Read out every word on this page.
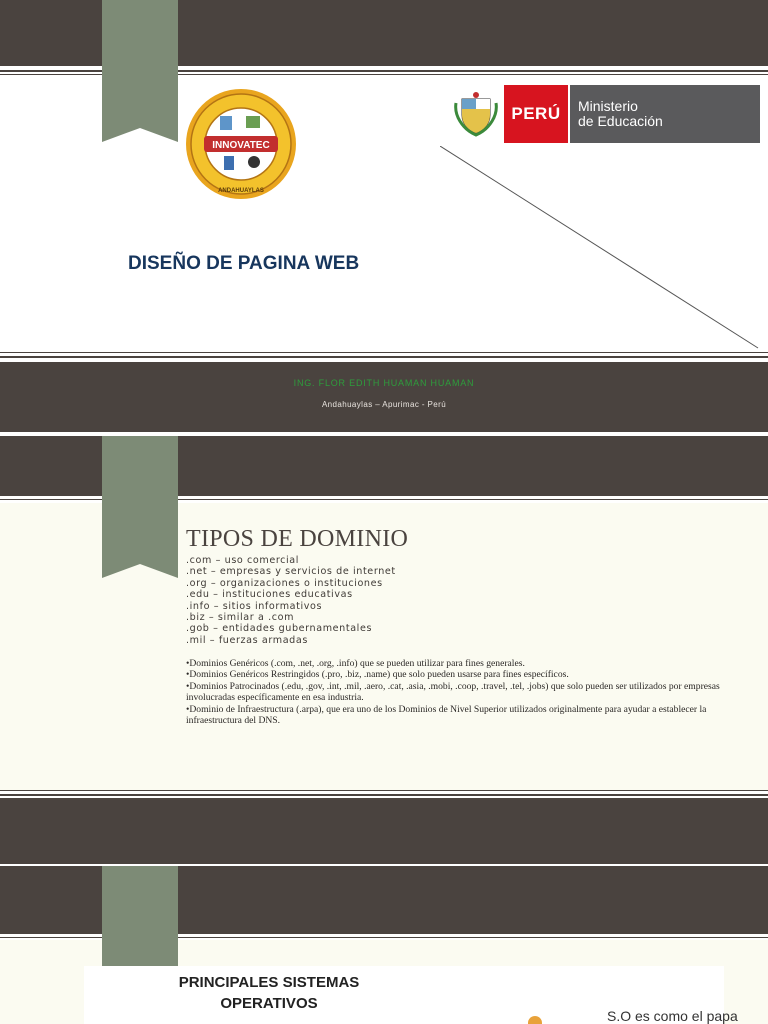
INNOVATEC
ANDAHUAYLAS
PERÚ	Ministerio
de Educación
DISEÑO DE PAGINA WEB
ING. FLOR EDITH HUAMAN HUAMAN
Andahuaylas – Apurimac - Perú
TIPOS DE DOMINIO
.com – uso comercial
.net – empresas y servicios de internet
.org – organizaciones o instituciones
.edu – instituciones educativas
.info – sitios informativos
.biz – similar a .com
.gob – entidades gubernamentales
.mil – fuerzas armadas
•Dominios Genéricos (.com, .net, .org, .info) que se pueden utilizar para fines generales.
•Dominios Genéricos Restringidos (.pro, .biz, .name) que solo pueden usarse para fines específicos.
•Dominios Patrocinados (.edu, .gov, .int, .mil, .aero, .cat, .asia, .mobi, .coop, .travel, .tel, .jobs) que solo pueden ser utilizados por empresas involucradas específicamente en esa industria.
•Dominio de Infraestructura (.arpa), que era uno de los Dominios de Nivel Superior utilizados originalmente para ayudar a establecer la infraestructura del DNS.
PRINCIPALES SISTEMAS
OPERATIVOS
S.O es como el papa
